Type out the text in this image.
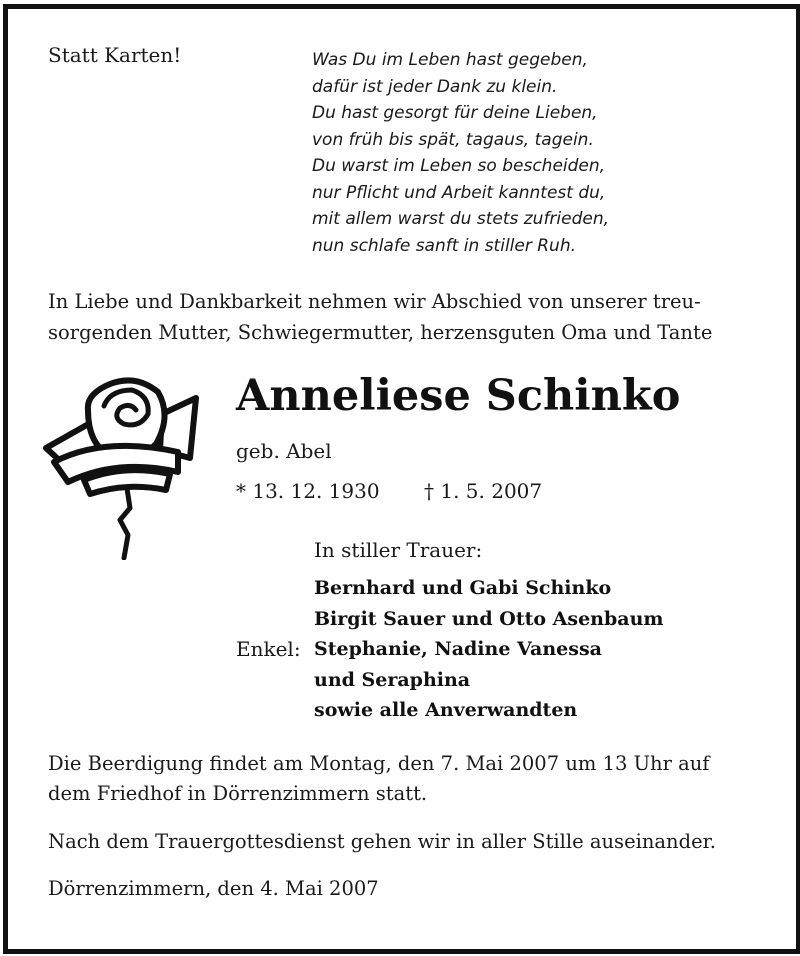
Statt Karten!	Was Du im Leben hast gegeben,
dafür ist jeder Dank zu klein.
Du hast gesorgt für deine Lieben,
von früh bis spät, tagaus, tagein.
Du warst im Leben so bescheiden,
nur Pflicht und Arbeit kanntest du,
mit allem warst du stets zufrieden,
nun schlafe sanft in stiller Ruh.

In Liebe und Dankbarkeit nehmen wir Abschied von unserer treu-

sorgenden Mutter, Schwiegermutter, herzensguten Oma und Tante

Anneliese Schinko

geb. Abel

* 13. 12. 1930 † 1. 5. 2007

In stiller Trauer:

Bernhard und Gabi Schinko
Birgit Sauer und Otto Asenbaum
Stephanie, Nadine Vanessa
und Seraphina
sowie alle Anverwandten

Enkel:

Die Beerdigung findet am Montag, den 7. Mai 2007 um 13 Uhr auf

dem Friedhof in Dörrenzimmern statt.

Nach dem Trauergottesdienst gehen wir in aller Stille auseinander.

Dörrenzimmern, den 4. Mai 2007
